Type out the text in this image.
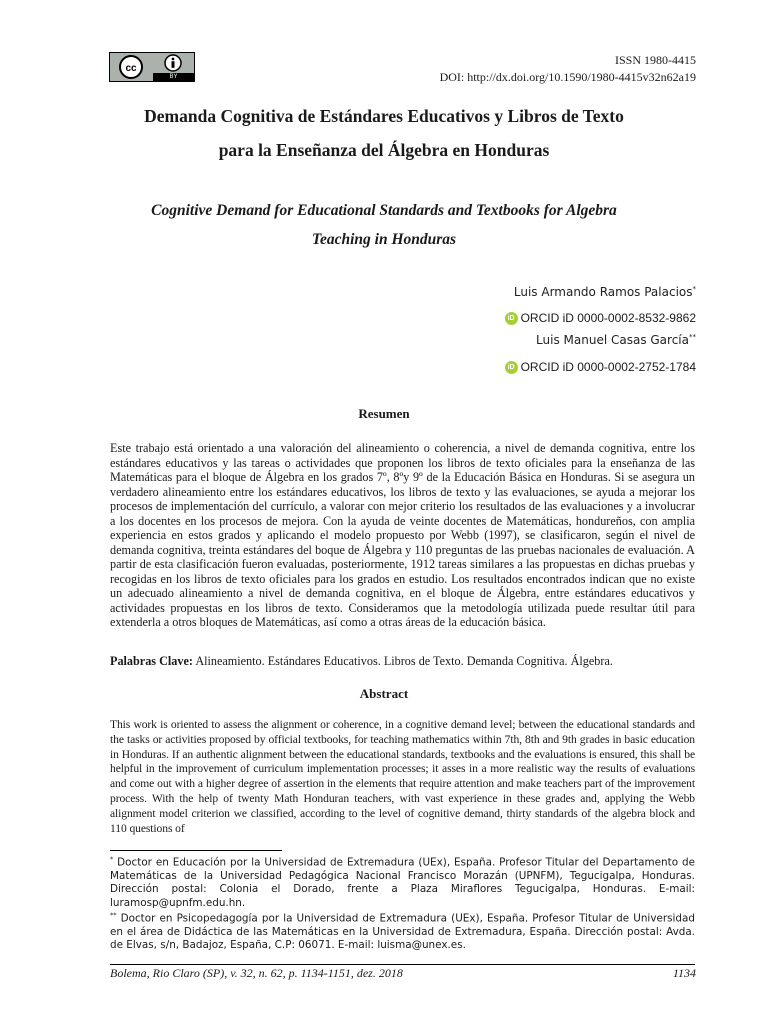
cc
BY
ISSN 1980-4415
DOI: http://dx.doi.org/10.1590/1980-4415v32n62a19
Demanda Cognitiva de Estándares Educativos y Libros de Texto
para la Enseñanza del Álgebra en Honduras
Cognitive Demand for Educational Standards and Textbooks for Algebra
Teaching in Honduras
Luis Armando Ramos Palacios*
iD ORCID iD 0000-0002-8532-9862
Luis Manuel Casas García**
iD ORCID iD 0000-0002-2752-1784
Resumen
Este trabajo está orientado a una valoración del alineamiento o coherencia, a nivel de demanda cognitiva, entre los estándares educativos y las tareas o actividades que proponen los libros de texto oficiales para la enseñanza de las Matemáticas para el bloque de Álgebra en los grados 7º, 8ºy 9º de la Educación Básica en Honduras. Si se asegura un verdadero alineamiento entre los estándares educativos, los libros de texto y las evaluaciones, se ayuda a mejorar los procesos de implementación del currículo, a valorar con mejor criterio los resultados de las evaluaciones y a involucrar a los docentes en los procesos de mejora. Con la ayuda de veinte docentes de Matemáticas, hondureños, con amplia experiencia en estos grados y aplicando el modelo propuesto por Webb (1997), se clasificaron, según el nivel de demanda cognitiva, treinta estándares del boque de Álgebra y 110 preguntas de las pruebas nacionales de evaluación. A partir de esta clasificación fueron evaluadas, posteriormente, 1912 tareas similares a las propuestas en dichas pruebas y recogidas en los libros de texto oficiales para los grados en estudio. Los resultados encontrados indican que no existe un adecuado alineamiento a nivel de demanda cognitiva, en el bloque de Álgebra, entre estándares educativos y actividades propuestas en los libros de texto. Consideramos que la metodología utilizada puede resultar útil para extenderla a otros bloques de Matemáticas, así como a otras áreas de la educación básica.
Palabras Clave: Alineamiento. Estándares Educativos. Libros de Texto. Demanda Cognitiva. Álgebra.
Abstract
This work is oriented to assess the alignment or coherence, in a cognitive demand level; between the educational standards and the tasks or activities proposed by official textbooks, for teaching mathematics within 7th, 8th and 9th grades in basic education in Honduras. If an authentic alignment between the educational standards, textbooks and the evaluations is ensured, this shall be helpful in the improvement of curriculum implementation processes; it asses in a more realistic way the results of evaluations and come out with a higher degree of assertion in the elements that require attention and make teachers part of the improvement process. With the help of twenty Math Honduran teachers, with vast experience in these grades and, applying the Webb alignment model criterion we classified, according to the level of cognitive demand, thirty standards of the algebra block and 110 questions of
* Doctor en Educación por la Universidad de Extremadura (UEx), España. Profesor Titular del Departamento de Matemáticas de la Universidad Pedagógica Nacional Francisco Morazán (UPNFM), Tegucigalpa, Honduras. Dirección postal: Colonia el Dorado, frente a Plaza Miraflores Tegucigalpa, Honduras. E-mail: luramosp@upnfm.edu.hn.
** Doctor en Psicopedagogía por la Universidad de Extremadura (UEx), España. Profesor Titular de Universidad en el área de Didáctica de las Matemáticas en la Universidad de Extremadura, España. Dirección postal: Avda. de Elvas, s/n, Badajoz, España, C.P: 06071. E-mail: luisma@unex.es.
Bolema, Rio Claro (SP), v. 32, n. 62, p. 1134-1151, dez. 2018	1134
